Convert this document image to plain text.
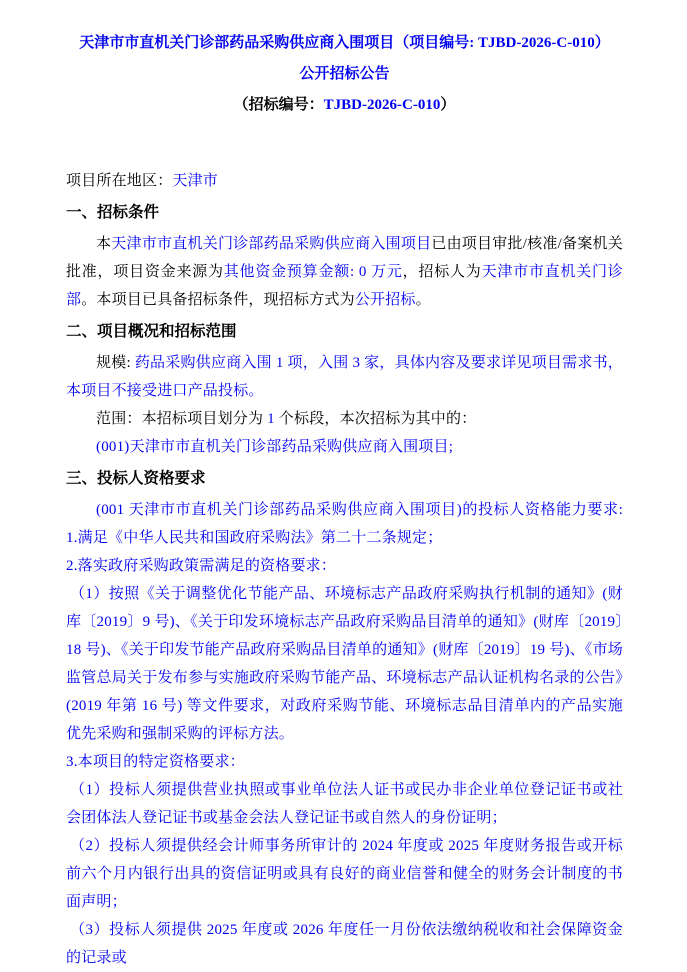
天津市市直机关门诊部药品采购供应商入围项目（项目编号: TJBD-2026-C-010）
公开招标公告
（招标编号：TJBD-2026-C-010）
项目所在地区：天津市
一、招标条件
本天津市市直机关门诊部药品采购供应商入围项目已由项目审批/核准/备案机关批准，项目资金来源为其他资金预算金额: 0 万元，招标人为天津市市直机关门诊部。本项目已具备招标条件，现招标方式为公开招标。
二、项目概况和招标范围
规模: 药品采购供应商入围 1 项，入围 3 家，具体内容及要求详见项目需求书，本项目不接受进口产品投标。
范围：本招标项目划分为 1 个标段，本次招标为其中的：
(001)天津市市直机关门诊部药品采购供应商入围项目;
三、投标人资格要求
(001 天津市市直机关门诊部药品采购供应商入围项目)的投标人资格能力要求: 1.满足《中华人民共和国政府采购法》第二十二条规定；
2.落实政府采购政策需满足的资格要求：
（1）按照《关于调整优化节能产品、环境标志产品政府采购执行机制的通知》(财库〔2019〕9 号)、《关于印发环境标志产品政府采购品目清单的通知》(财库〔2019〕18 号)、《关于印发节能产品政府采购品目清单的通知》(财库〔2019〕19 号)、《市场监管总局关于发布参与实施政府采购节能产品、环境标志产品认证机构名录的公告》(2019 年第 16 号) 等文件要求，对政府采购节能、环境标志品目清单内的产品实施优先采购和强制采购的评标方法。
3.本项目的特定资格要求：
（1）投标人须提供营业执照或事业单位法人证书或民办非企业单位登记证书或社会团体法人登记证书或基金会法人登记证书或自然人的身份证明；
（2）投标人须提供经会计师事务所审计的 2024 年度或 2025 年度财务报告或开标前六个月内银行出具的资信证明或具有良好的商业信誉和健全的财务会计制度的书面声明；
（3）投标人须提供 2025 年度或 2026 年度任一月份依法缴纳税收和社会保障资金的记录或
